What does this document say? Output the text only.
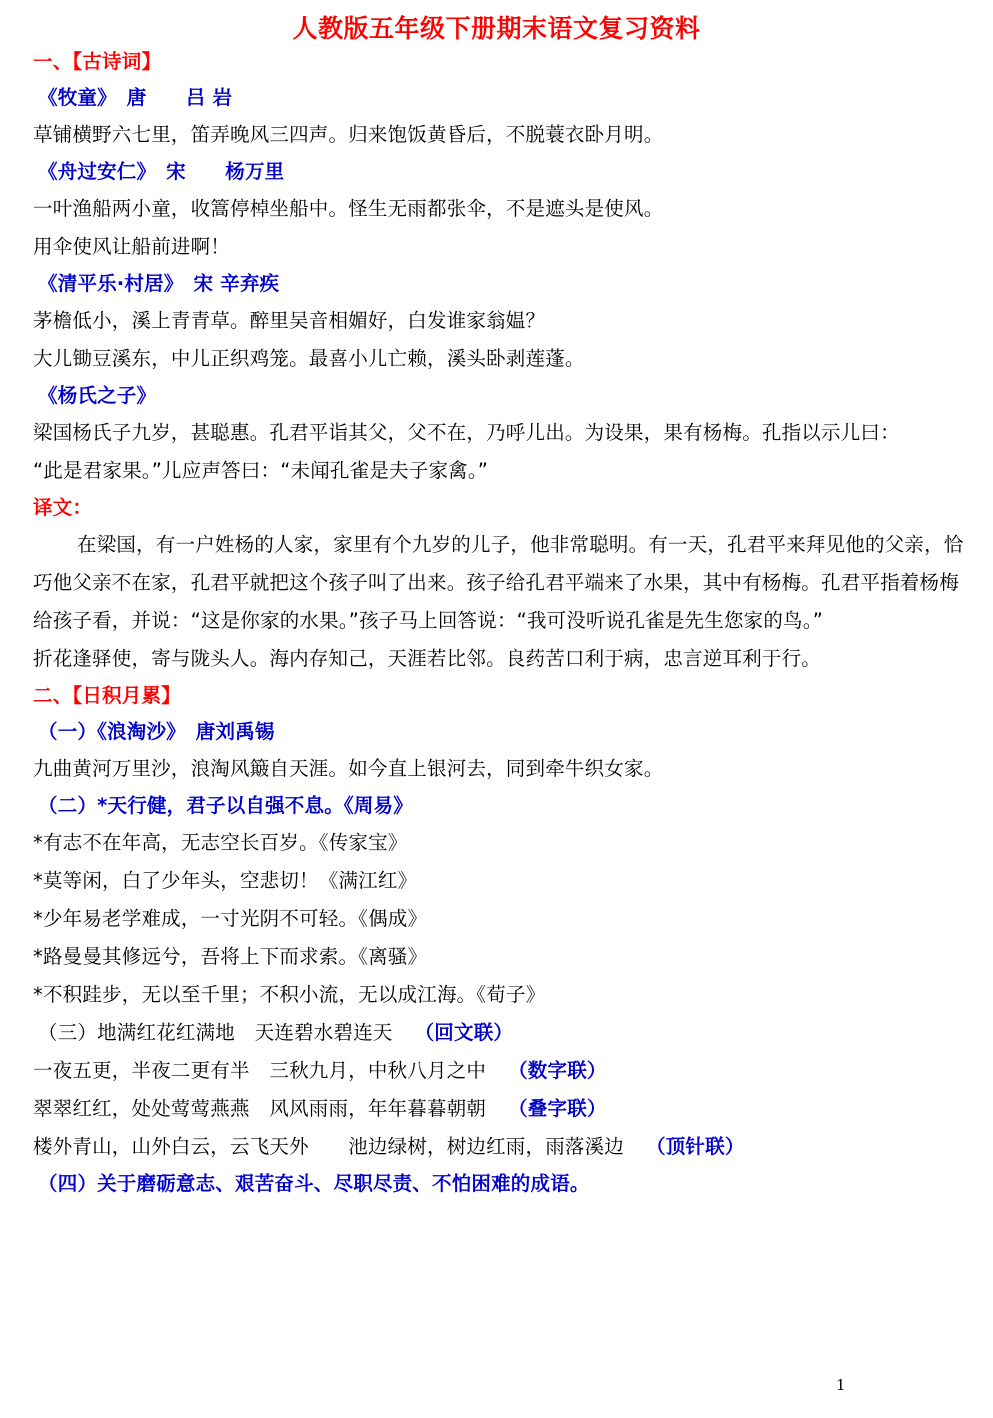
人教版五年级下册期末语文复习资料

一、【古诗词】

《牧童》　唐　　吕 岩

草铺横野六七里，笛弄晚风三四声。归来饱饭黄昏后，不脱蓑衣卧月明。

《舟过安仁》　宋　　杨万里

一叶渔船两小童，收篙停棹坐船中。怪生无雨都张伞，不是遮头是使风。

用伞使风让船前进啊！

《清平乐·村居》　宋 辛弃疾

茅檐低小，溪上青青草。醉里吴音相媚好，白发谁家翁媪？

大儿锄豆溪东，中儿正织鸡笼。最喜小儿亡赖，溪头卧剥莲蓬。

《杨氏之子》

梁国杨氏子九岁，甚聪惠。孔君平诣其父，父不在，乃呼儿出。为设果，果有杨梅。孔指以示儿曰：

“此是君家果。”儿应声答曰：“未闻孔雀是夫子家禽。”

译文：

在梁国，有一户姓杨的人家，家里有个九岁的儿子，他非常聪明。有一天，孔君平来拜见他的父亲，恰巧他父亲不在家，孔君平就把这个孩子叫了出来。孩子给孔君平端来了水果，其中有杨梅。孔君平指着杨梅给孩子看，并说：“这是你家的水果。”孩子马上回答说：“我可没听说孔雀是先生您家的鸟。”

折花逢驿使，寄与陇头人。海内存知己，天涯若比邻。良药苦口利于病，忠言逆耳利于行。

二、【日积月累】

（一）《浪淘沙》　唐刘禹锡

九曲黄河万里沙，浪淘风簸自天涯。如今直上银河去，同到牵牛织女家。

（二）*天行健，君子以自强不息。《周易》

*有志不在年高，无志空长百岁。《传家宝》

*莫等闲，白了少年头，空悲切！《满江红》

*少年易老学难成，一寸光阴不可轻。《偶成》

*路曼曼其修远兮，吾将上下而求索。《离骚》

*不积跬步，无以至千里；不积小流，无以成江海。《荀子》

（三）地满红花红满地　天连碧水碧连天 （回文联）

一夜五更，半夜二更有半　三秋九月，中秋八月之中 （数字联）

翠翠红红，处处莺莺燕燕　风风雨雨，年年暮暮朝朝 （叠字联）

楼外青山，山外白云，云飞天外　　池边绿树，树边红雨，雨落溪边 （顶针联）

（四）关于磨砺意志、艰苦奋斗、尽职尽责、不怕困难的成语。

1
